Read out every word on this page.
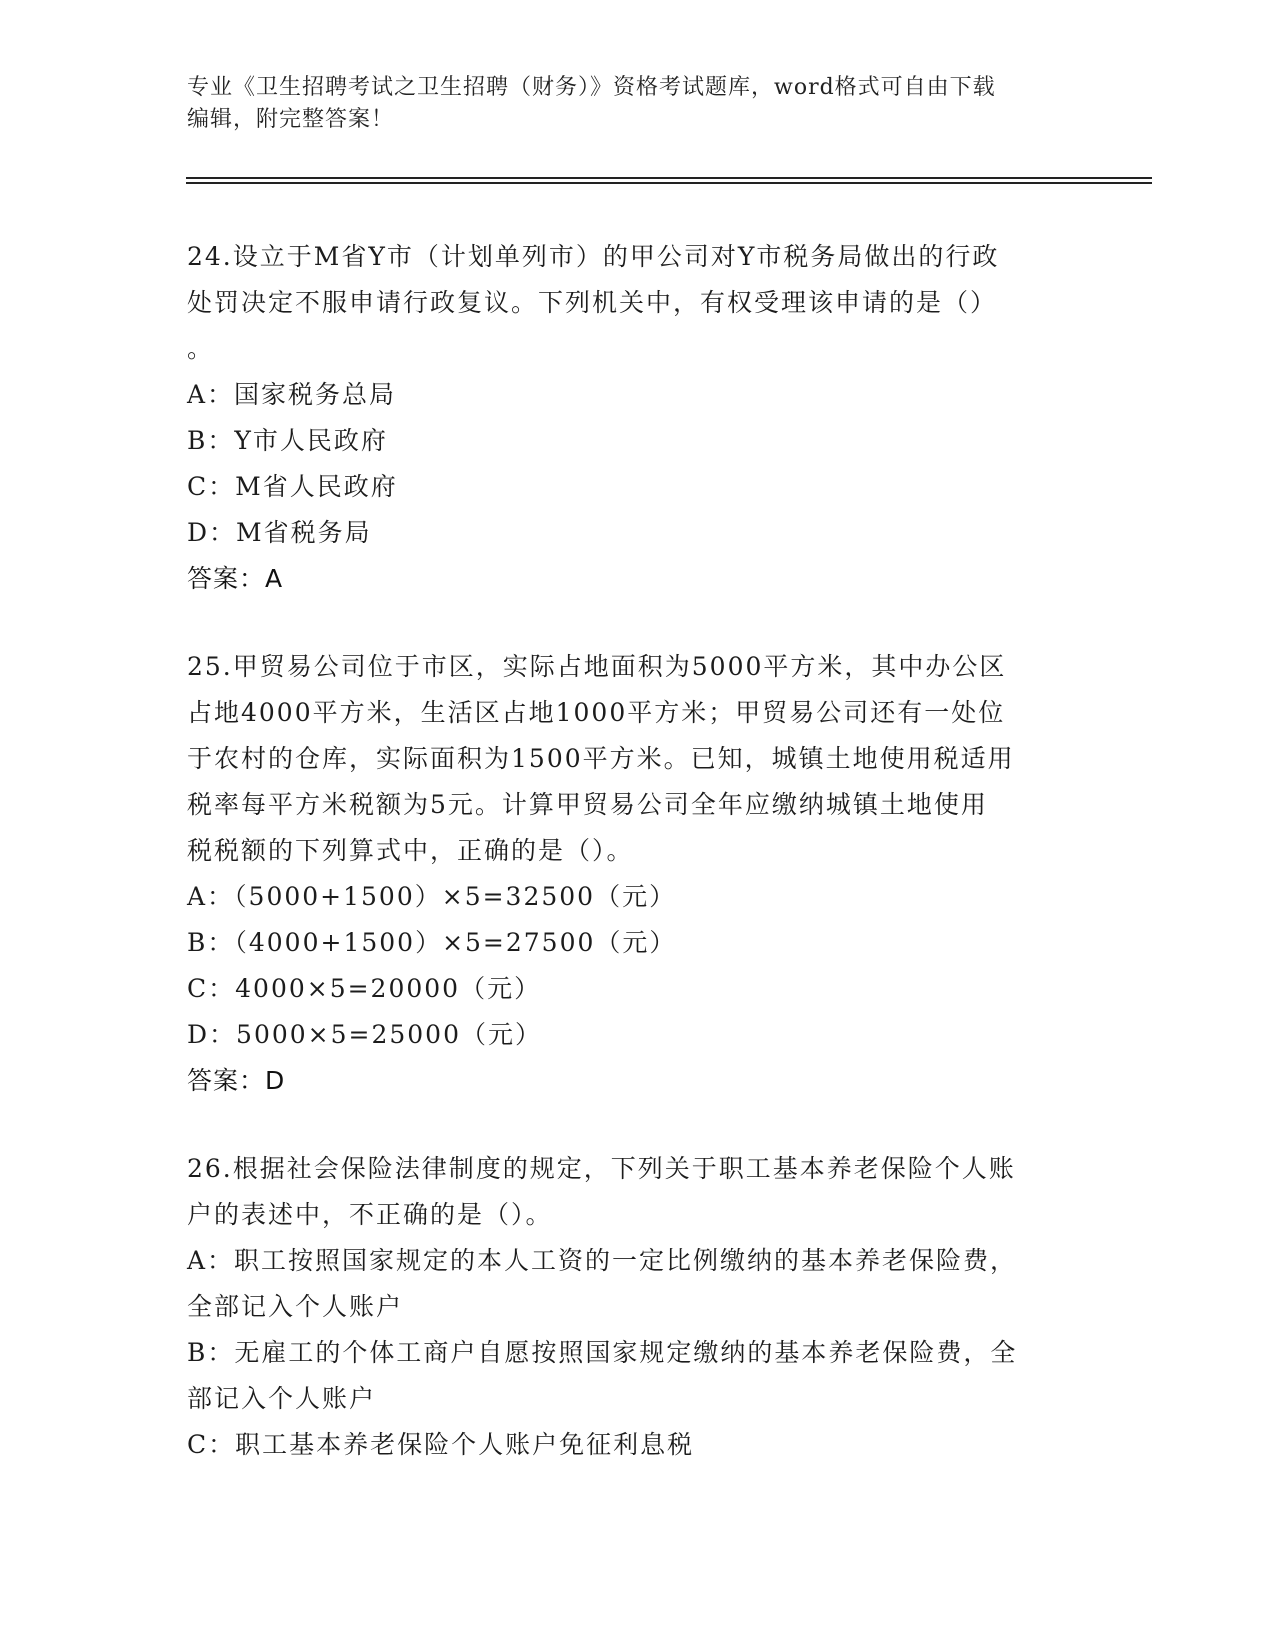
专业《卫生招聘考试之卫生招聘（财务）》资格考试题库，word格式可自由下载
编辑，附完整答案！
24.设立于M省Y市（计划单列市）的甲公司对Y市税务局做出的行政
处罚决定不服申请行政复议。下列机关中，有权受理该申请的是（）
。
A：国家税务总局
B：Y市人民政府
C：M省人民政府
D：M省税务局
答案：A
25.甲贸易公司位于市区，实际占地面积为5000平方米，其中办公区
占地4000平方米，生活区占地1000平方米；甲贸易公司还有一处位
于农村的仓库，实际面积为1500平方米。已知，城镇土地使用税适用
税率每平方米税额为5元。计算甲贸易公司全年应缴纳城镇土地使用
税税额的下列算式中，正确的是（）。
A：（5000+1500）×5=32500（元）
B：（4000+1500）×5=27500（元）
C：4000×5=20000（元）
D：5000×5=25000（元）
答案：D
26.根据社会保险法律制度的规定，下列关于职工基本养老保险个人账
户的表述中，不正确的是（）。
A：职工按照国家规定的本人工资的一定比例缴纳的基本养老保险费，
全部记入个人账户
B：无雇工的个体工商户自愿按照国家规定缴纳的基本养老保险费，全
部记入个人账户
C：职工基本养老保险个人账户免征利息税
